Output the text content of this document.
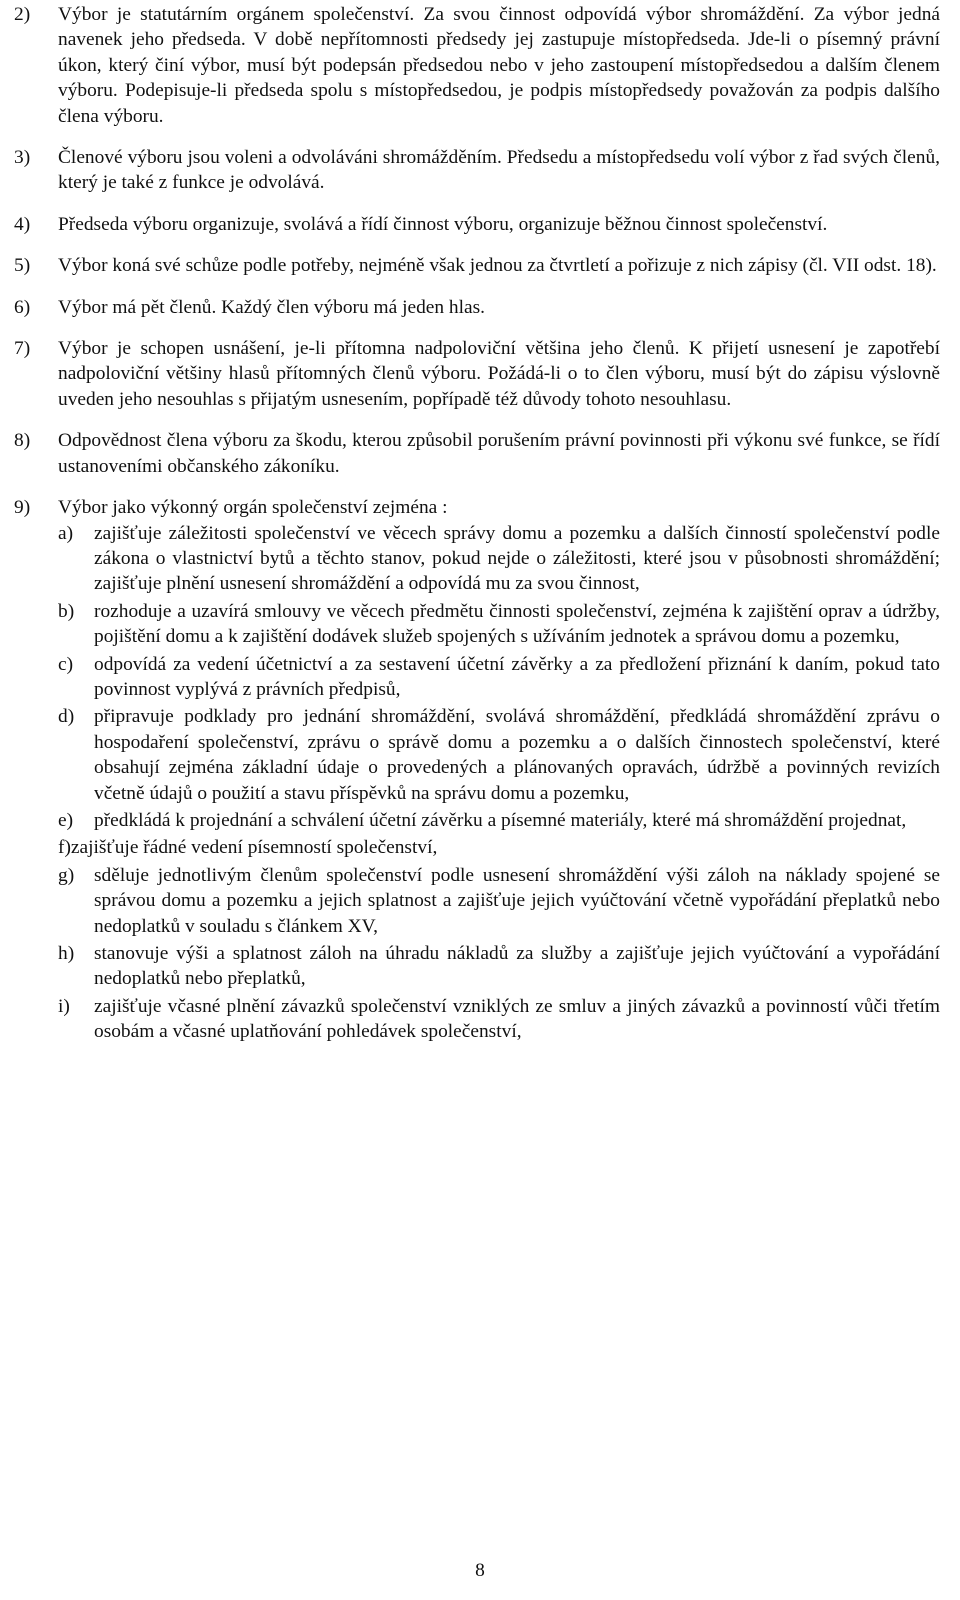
2)	Výbor je statutárním orgánem společenství. Za svou činnost odpovídá výbor shromáždění. Za výbor jedná navenek jeho předseda. V době nepřítomnosti předsedy jej zastupuje místopředseda. Jde-li o písemný právní úkon, který činí výbor, musí být podepsán předsedou nebo v jeho zastoupení místopředsedou a dalším členem výboru. Podepisuje-li předseda spolu s místopředsedou, je podpis místopředsedy považován za podpis dalšího člena výboru.
3)	Členové výboru jsou voleni a odvoláváni shromážděním. Předsedu a místopředsedu volí výbor z řad svých členů, který je také z funkce je odvolává.
4)	Předseda výboru organizuje, svolává a řídí činnost výboru, organizuje běžnou činnost společenství.
5)	Výbor koná své schůze podle potřeby, nejméně však jednou za čtvrtletí a pořizuje z nich zápisy (čl. VII odst. 18).
6)	Výbor má pět členů. Každý člen výboru má jeden hlas.
7)	Výbor je schopen usnášení, je-li přítomna nadpoloviční většina jeho členů. K přijetí usnesení je zapotřebí nadpoloviční většiny hlasů přítomných členů výboru. Požádá-li o to člen výboru, musí být do zápisu výslovně uveden jeho nesouhlas s přijatým usnesením, popřípadě též důvody tohoto nesouhlasu.
8)	Odpovědnost člena výboru za škodu, kterou způsobil porušením právní povinnosti při výkonu své funkce, se řídí ustanoveními občanského zákoníku.
9)	Výbor jako výkonný orgán společenství zejména :
a)	zajišťuje záležitosti společenství ve věcech správy domu a pozemku a dalších činností společenství podle zákona o vlastnictví bytů a těchto stanov, pokud nejde o záležitosti, které jsou v působnosti shromáždění; zajišťuje plnění usnesení shromáždění a odpovídá mu za svou činnost,
b)	rozhoduje a uzavírá smlouvy ve věcech předmětu činnosti společenství, zejména k zajištění oprav a údržby, pojištění domu a k zajištění dodávek služeb spojených s užíváním jednotek a správou domu a pozemku,
c)	odpovídá za vedení účetnictví a za sestavení účetní závěrky a za předložení přiznání k daním, pokud tato povinnost vyplývá z právních předpisů,
d)	připravuje podklady pro jednání shromáždění, svolává shromáždění, předkládá shromáždění zprávu o hospodaření společenství, zprávu o správě domu a pozemku a o dalších činnostech společenství, které obsahují zejména základní údaje o provedených a plánovaných opravách, údržbě a povinných revizích včetně údajů o použití a stavu příspěvků na správu domu a pozemku,
e)	předkládá k projednání a schválení účetní závěrku a písemné materiály, které má shromáždění projednat,
f) zajišťuje řádné vedení písemností společenství,
g)	sděluje jednotlivým členům společenství podle usnesení shromáždění výši záloh na náklady spojené se správou domu a pozemku a jejich splatnost a zajišťuje jejich vyúčtování včetně vypořádání přeplatků nebo nedoplatků v souladu s článkem XV,
h)	stanovuje výši a splatnost záloh na úhradu nákladů za služby a zajišťuje jejich vyúčtování a vypořádání nedoplatků nebo přeplatků,
i)	zajišťuje včasné plnění závazků společenství vzniklých ze smluv a jiných závazků a povinností vůči třetím osobám a včasné uplatňování pohledávek společenství,
8
